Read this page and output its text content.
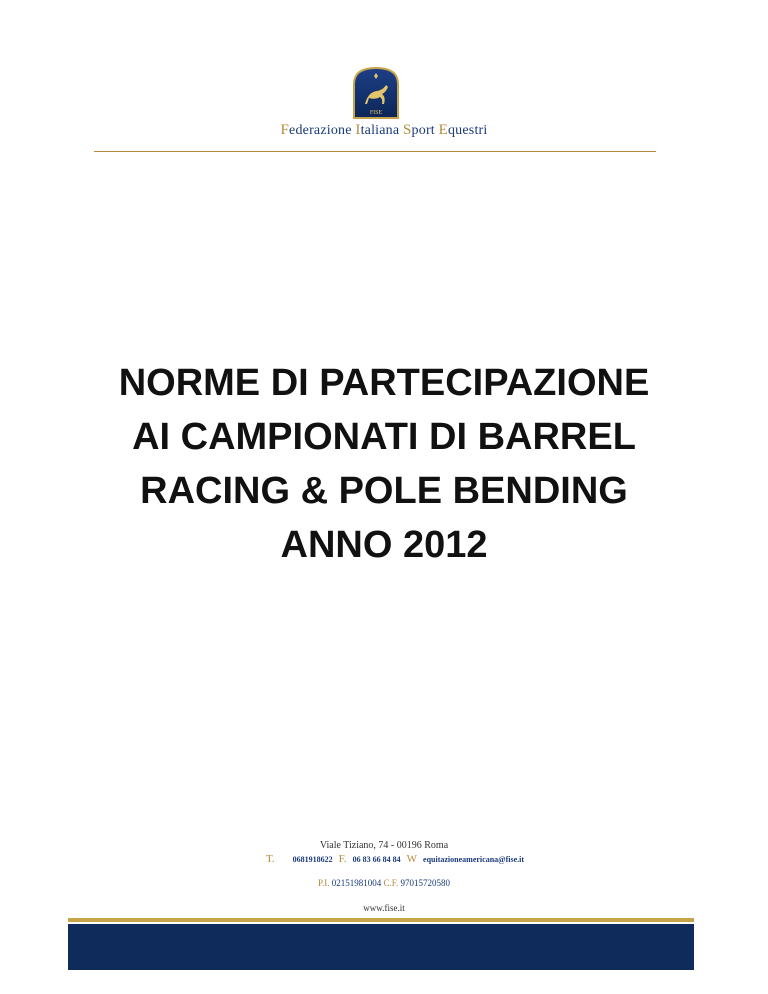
FISE
Federazione Italiana Sport Equestri
NORME DI PARTECIPAZIONE
AI CAMPIONATI DI BARREL
RACING & POLE BENDING
ANNO 2012
Viale Tiziano, 74 - 00196 Roma
T. 0681918622 F. 06 83 66 84 84 W equitazioneamericana@fise.it
P.I. 02151981004 C.F. 97015720580
www.fise.it
